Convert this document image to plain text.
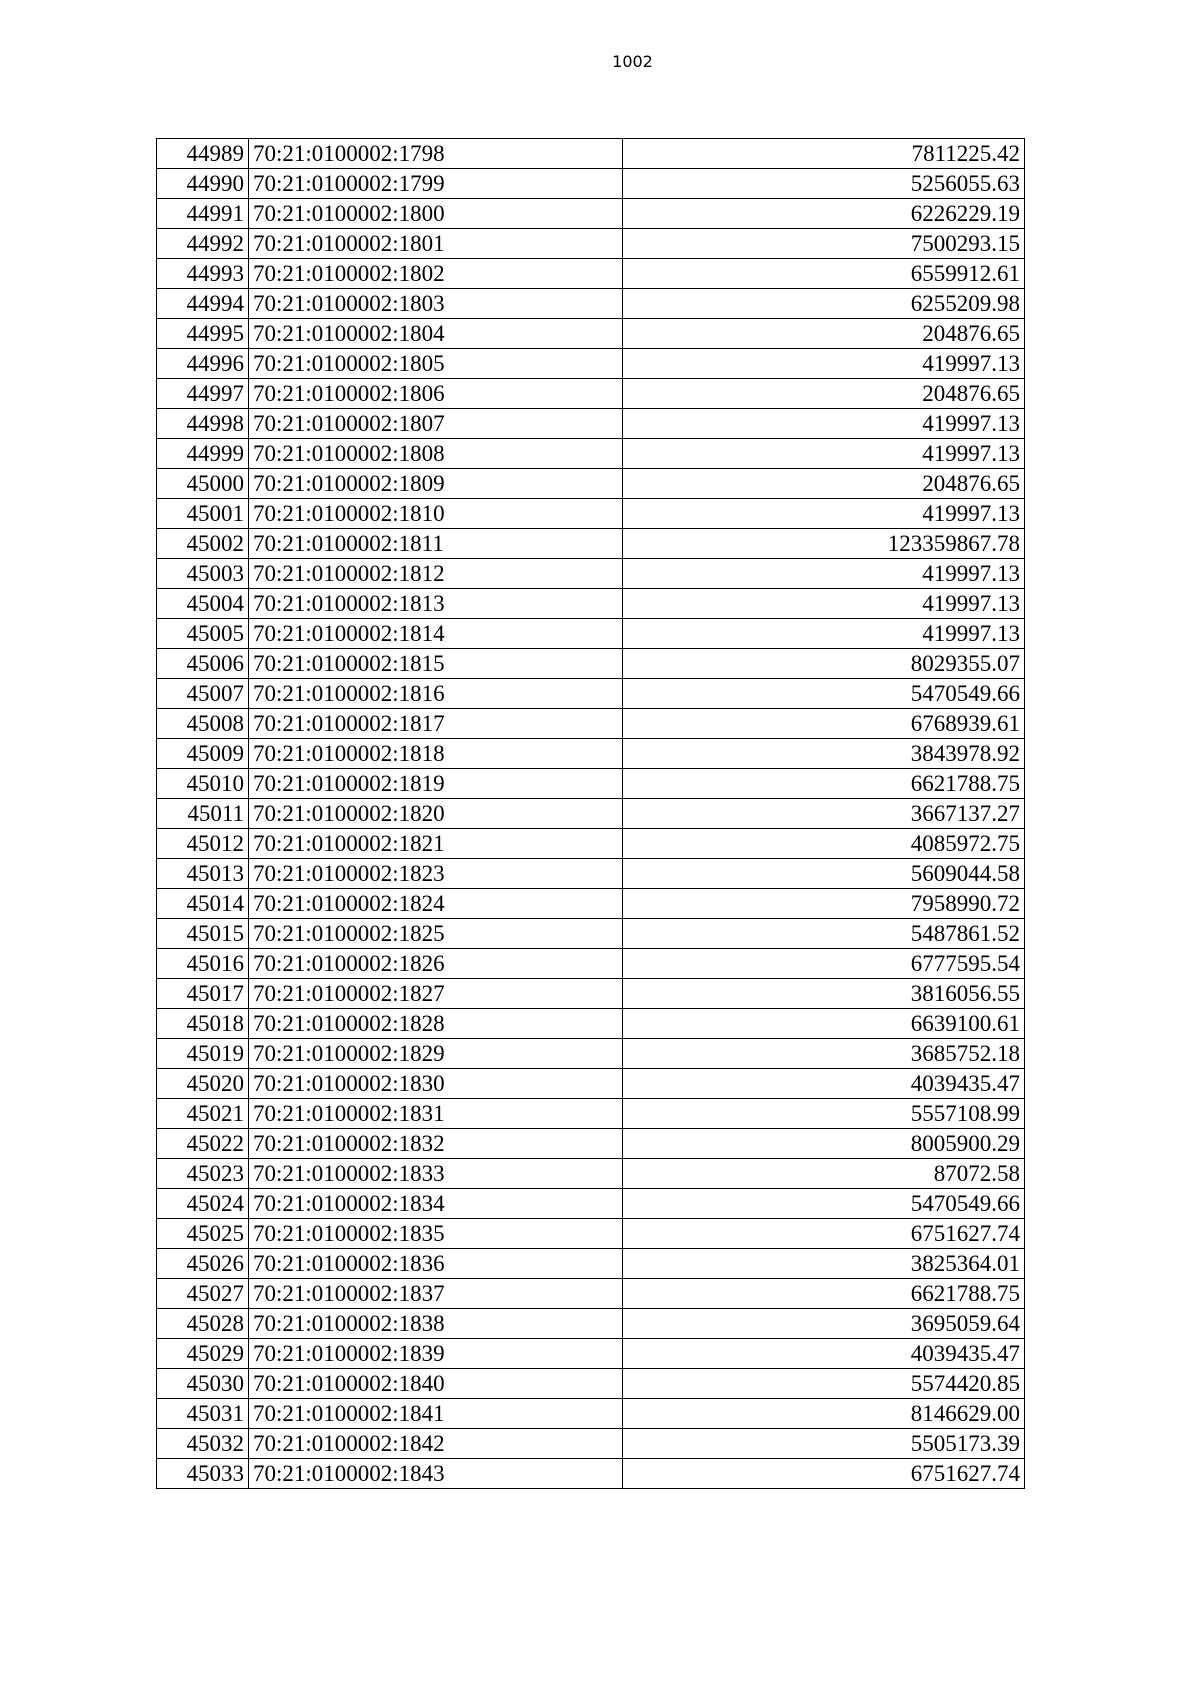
1002
44989	70:21:0100002:1798	7811225.42
44990	70:21:0100002:1799	5256055.63
44991	70:21:0100002:1800	6226229.19
44992	70:21:0100002:1801	7500293.15
44993	70:21:0100002:1802	6559912.61
44994	70:21:0100002:1803	6255209.98
44995	70:21:0100002:1804	204876.65
44996	70:21:0100002:1805	419997.13
44997	70:21:0100002:1806	204876.65
44998	70:21:0100002:1807	419997.13
44999	70:21:0100002:1808	419997.13
45000	70:21:0100002:1809	204876.65
45001	70:21:0100002:1810	419997.13
45002	70:21:0100002:1811	123359867.78
45003	70:21:0100002:1812	419997.13
45004	70:21:0100002:1813	419997.13
45005	70:21:0100002:1814	419997.13
45006	70:21:0100002:1815	8029355.07
45007	70:21:0100002:1816	5470549.66
45008	70:21:0100002:1817	6768939.61
45009	70:21:0100002:1818	3843978.92
45010	70:21:0100002:1819	6621788.75
45011	70:21:0100002:1820	3667137.27
45012	70:21:0100002:1821	4085972.75
45013	70:21:0100002:1823	5609044.58
45014	70:21:0100002:1824	7958990.72
45015	70:21:0100002:1825	5487861.52
45016	70:21:0100002:1826	6777595.54
45017	70:21:0100002:1827	3816056.55
45018	70:21:0100002:1828	6639100.61
45019	70:21:0100002:1829	3685752.18
45020	70:21:0100002:1830	4039435.47
45021	70:21:0100002:1831	5557108.99
45022	70:21:0100002:1832	8005900.29
45023	70:21:0100002:1833	87072.58
45024	70:21:0100002:1834	5470549.66
45025	70:21:0100002:1835	6751627.74
45026	70:21:0100002:1836	3825364.01
45027	70:21:0100002:1837	6621788.75
45028	70:21:0100002:1838	3695059.64
45029	70:21:0100002:1839	4039435.47
45030	70:21:0100002:1840	5574420.85
45031	70:21:0100002:1841	8146629.00
45032	70:21:0100002:1842	5505173.39
45033	70:21:0100002:1843	6751627.74
